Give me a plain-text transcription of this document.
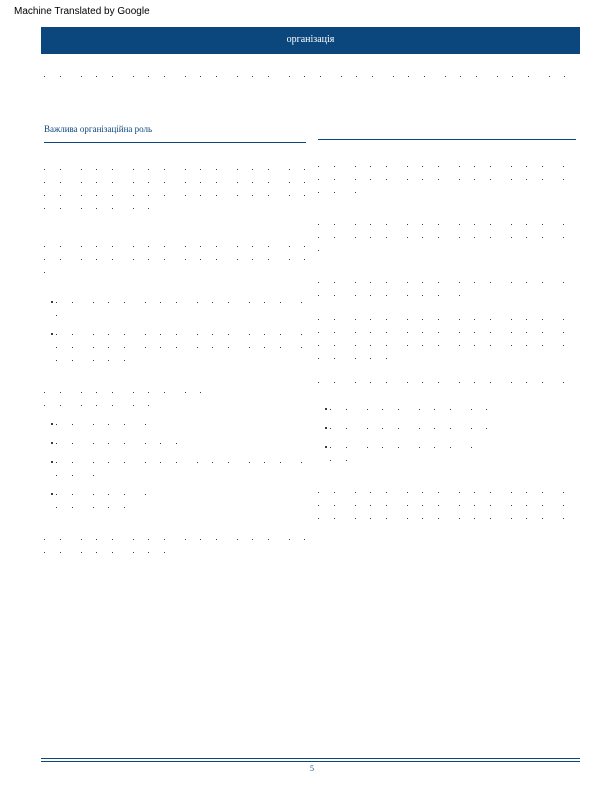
Machine Translated by Google
організація
Важлива організаційна роль
5
